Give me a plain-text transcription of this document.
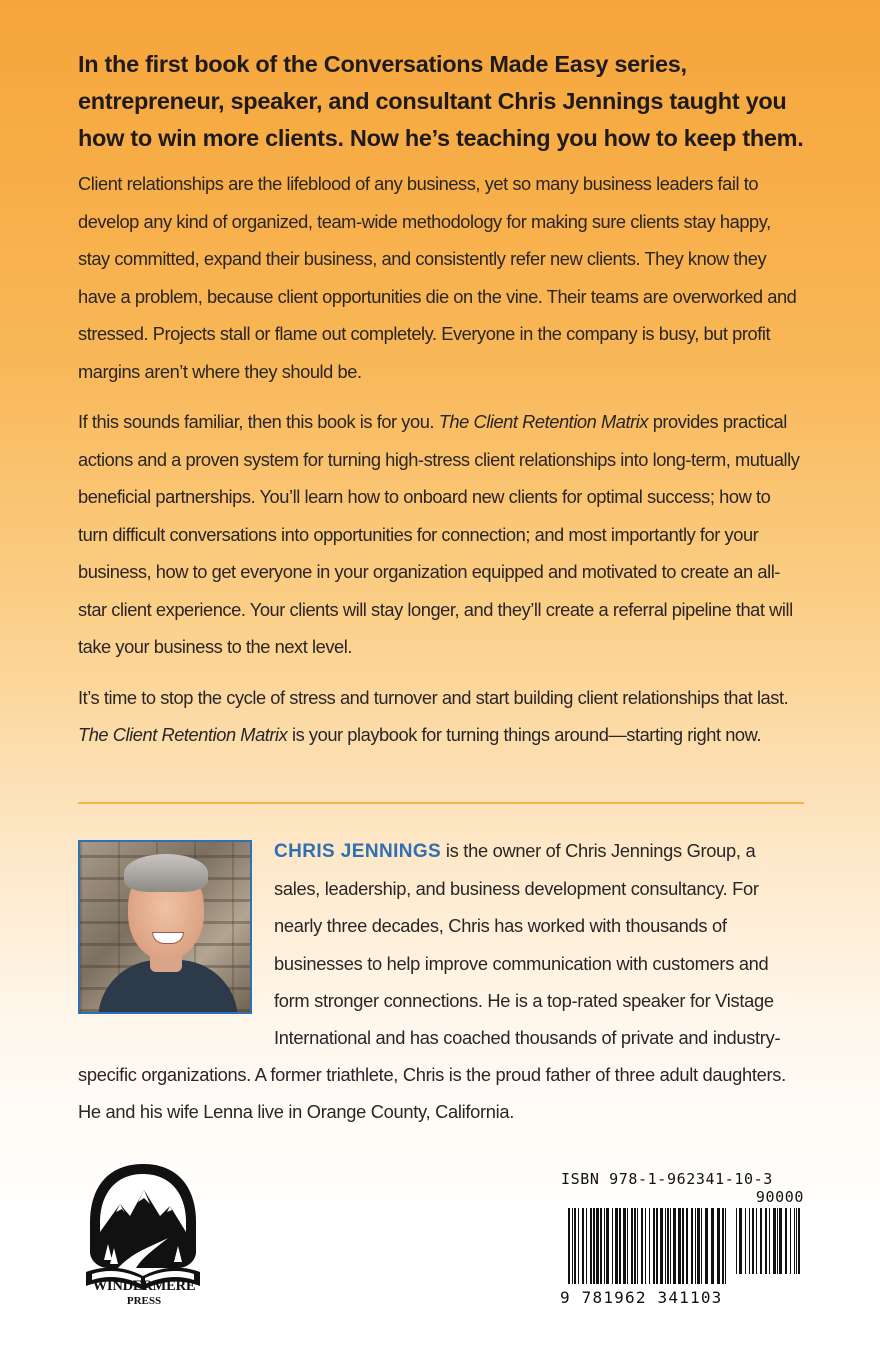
In the first book of the Conversations Made Easy series, entrepreneur, speaker, and consultant Chris Jennings taught you how to win more clients. Now he’s teaching you how to keep them.

Client relationships are the lifeblood of any business, yet so many business leaders fail to develop any kind of organized, team-wide methodology for making sure clients stay happy, stay committed, expand their business, and consistently refer new clients. They know they have a problem, because client opportunities die on the vine. Their teams are overworked and stressed. Projects stall or flame out completely. Everyone in the company is busy, but profit margins aren’t where they should be.

If this sounds familiar, then this book is for you. The Client Retention Matrix provides practical actions and a proven system for turning high-stress client relationships into long-term, mutually beneficial partnerships. You’ll learn how to onboard new clients for optimal success; how to turn difficult conversations into opportunities for connection; and most importantly for your business, how to get everyone in your organization equipped and motivated to create an all-star client experience. Your clients will stay longer, and they’ll create a referral pipeline that will take your business to the next level.

It’s time to stop the cycle of stress and turnover and start building client relationships that last.
The Client Retention Matrix is your playbook for turning things around—starting right now.

CHRIS JENNINGS is the owner of Chris Jennings Group, a sales, leadership, and business development consultancy. For nearly three decades, Chris has worked with thousands of businesses to help improve communication with customers and form stronger connections. He is a top-rated speaker for Vistage International and has coached thousands of private and industry-specific organizations. A former triathlete, Chris is the proud father of three adult daughters. He and his wife Lenna live in Orange County, California.
WINDERMERE
PRESS
ISBN 978-1-962341-10-3
90000
9 781962 341103
